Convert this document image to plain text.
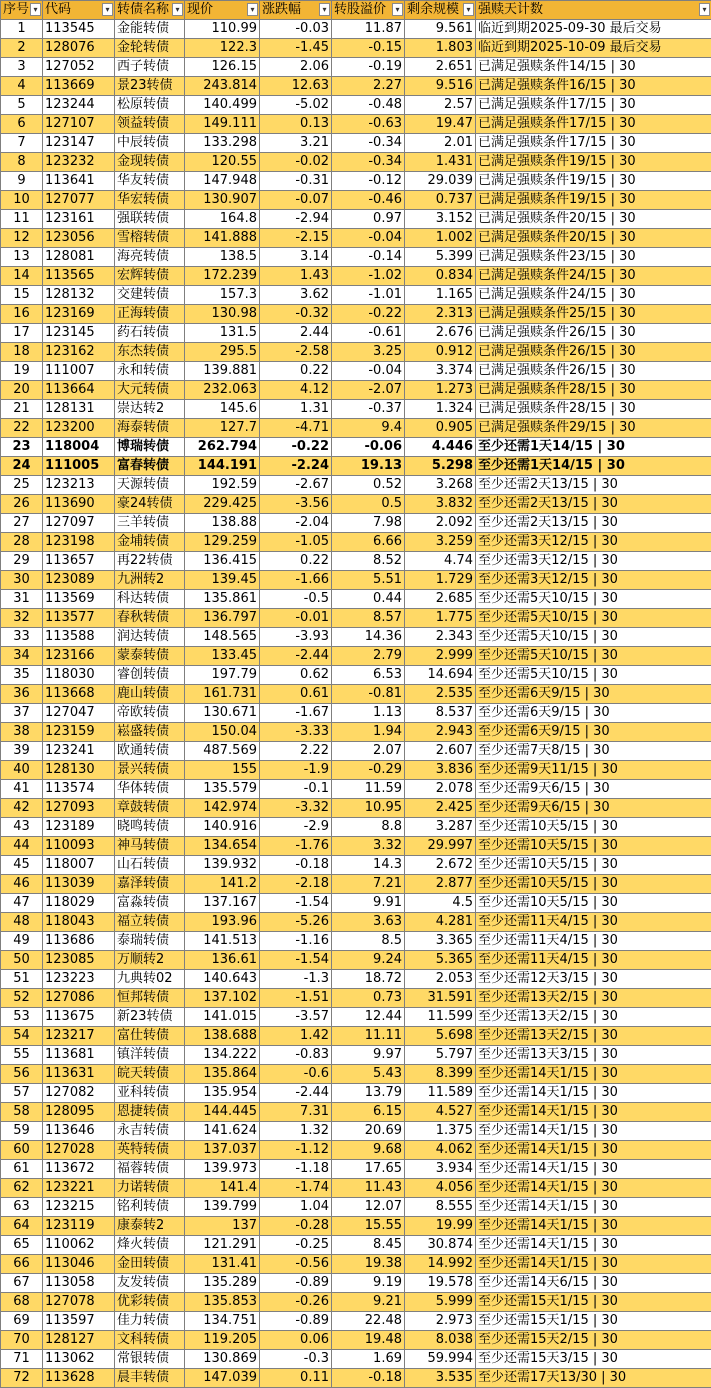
序号 ▾	代码 ▾	转债名称 ▾	现价 ▾	涨跌幅 ▾	转股溢价 ▾	剩余规模 ▾	强赎天计数 ▾

1	113545	金能转债	110.99	-0.03	11.87	9.561	临近到期2025-09-30 最后交易
2	128076	金轮转债	122.3	-1.45	-0.15	1.803	临近到期2025-10-09 最后交易
3	127052	西子转债	126.15	2.06	-0.19	2.651	已满足强赎条件14/15 | 30
4	113669	景23转债	243.814	12.63	2.27	9.516	已满足强赎条件16/15 | 30
5	123244	松原转债	140.499	-5.02	-0.48	2.57	已满足强赎条件17/15 | 30
6	127107	领益转债	149.111	0.13	-0.63	19.47	已满足强赎条件17/15 | 30
7	123147	中辰转债	133.298	3.21	-0.34	2.01	已满足强赎条件17/15 | 30
8	123232	金现转债	120.55	-0.02	-0.34	1.431	已满足强赎条件19/15 | 30
9	113641	华友转债	147.948	-0.31	-0.12	29.039	已满足强赎条件19/15 | 30
10	127077	华宏转债	130.907	-0.07	-0.46	0.737	已满足强赎条件19/15 | 30
11	123161	强联转债	164.8	-2.94	0.97	3.152	已满足强赎条件20/15 | 30
12	123056	雪榕转债	141.888	-2.15	-0.04	1.002	已满足强赎条件20/15 | 30
13	128081	海亮转债	138.5	3.14	-0.14	5.399	已满足强赎条件23/15 | 30
14	113565	宏辉转债	172.239	1.43	-1.02	0.834	已满足强赎条件24/15 | 30
15	128132	交建转债	157.3	3.62	-1.01	1.165	已满足强赎条件24/15 | 30
16	123169	正海转债	130.98	-0.32	-0.22	2.313	已满足强赎条件25/15 | 30
17	123145	药石转债	131.5	2.44	-0.61	2.676	已满足强赎条件26/15 | 30
18	123162	东杰转债	295.5	-2.58	3.25	0.912	已满足强赎条件26/15 | 30
19	111007	永和转债	139.881	0.22	-0.04	3.374	已满足强赎条件26/15 | 30
20	113664	大元转债	232.063	4.12	-2.07	1.273	已满足强赎条件28/15 | 30
21	128131	崇达转2	145.6	1.31	-0.37	1.324	已满足强赎条件28/15 | 30
22	123200	海泰转债	127.7	-4.71	9.4	0.905	已满足强赎条件29/15 | 30
23	118004	博瑞转债	262.794	-0.22	-0.06	4.446	至少还需1天14/15 | 30
24	111005	富春转债	144.191	-2.24	19.13	5.298	至少还需1天14/15 | 30
25	123213	天源转债	192.59	-2.67	0.52	3.268	至少还需2天13/15 | 30
26	113690	豪24转债	229.425	-3.56	0.5	3.832	至少还需2天13/15 | 30
27	127097	三羊转债	138.88	-2.04	7.98	2.092	至少还需2天13/15 | 30
28	123198	金埔转债	129.259	-1.05	6.66	3.259	至少还需3天12/15 | 30
29	113657	再22转债	136.415	0.22	8.52	4.74	至少还需3天12/15 | 30
30	123089	九洲转2	139.45	-1.66	5.51	1.729	至少还需3天12/15 | 30
31	113569	科达转债	135.861	-0.5	0.44	2.685	至少还需5天10/15 | 30
32	113577	春秋转债	136.797	-0.01	8.57	1.775	至少还需5天10/15 | 30
33	113588	润达转债	148.565	-3.93	14.36	2.343	至少还需5天10/15 | 30
34	123166	蒙泰转债	133.45	-2.44	2.79	2.999	至少还需5天10/15 | 30
35	118030	睿创转债	197.79	0.62	6.53	14.694	至少还需5天10/15 | 30
36	113668	鹿山转债	161.731	0.61	-0.81	2.535	至少还需6天9/15 | 30
37	127047	帝欧转债	130.671	-1.67	1.13	8.537	至少还需6天9/15 | 30
38	123159	崧盛转债	150.04	-3.33	1.94	2.943	至少还需6天9/15 | 30
39	123241	欧通转债	487.569	2.22	2.07	2.607	至少还需7天8/15 | 30
40	128130	景兴转债	155	-1.9	-0.29	3.836	至少还需9天11/15 | 30
41	113574	华体转债	135.579	-0.1	11.59	2.078	至少还需9天6/15 | 30
42	127093	章鼓转债	142.974	-3.32	10.95	2.425	至少还需9天6/15 | 30
43	123189	晓鸣转债	140.916	-2.9	8.8	3.287	至少还需10天5/15 | 30
44	110093	神马转债	134.654	-1.76	3.32	29.997	至少还需10天5/15 | 30
45	118007	山石转债	139.932	-0.18	14.3	2.672	至少还需10天5/15 | 30
46	113039	嘉泽转债	141.2	-2.18	7.21	2.877	至少还需10天5/15 | 30
47	118029	富淼转债	137.167	-1.54	9.91	4.5	至少还需10天5/15 | 30
48	118043	福立转债	193.96	-5.26	3.63	4.281	至少还需11天4/15 | 30
49	113686	泰瑞转债	141.513	-1.16	8.5	3.365	至少还需11天4/15 | 30
50	123085	万顺转2	136.61	-1.54	9.24	5.365	至少还需11天4/15 | 30
51	123223	九典转02	140.643	-1.3	18.72	2.053	至少还需12天3/15 | 30
52	127086	恒邦转债	137.102	-1.51	0.73	31.591	至少还需13天2/15 | 30
53	113675	新23转债	141.015	-3.57	12.44	11.599	至少还需13天2/15 | 30
54	123217	富仕转债	138.688	1.42	11.11	5.698	至少还需13天2/15 | 30
55	113681	镇洋转债	134.222	-0.83	9.97	5.797	至少还需13天3/15 | 30
56	113631	皖天转债	135.864	-0.6	5.43	8.399	至少还需14天1/15 | 30
57	127082	亚科转债	135.954	-2.44	13.79	11.589	至少还需14天1/15 | 30
58	128095	恩捷转债	144.445	7.31	6.15	4.527	至少还需14天1/15 | 30
59	113646	永吉转债	141.624	1.32	20.69	1.375	至少还需14天1/15 | 30
60	127028	英特转债	137.037	-1.12	9.68	4.062	至少还需14天1/15 | 30
61	113672	福蓉转债	139.973	-1.18	17.65	3.934	至少还需14天1/15 | 30
62	123221	力诺转债	141.4	-1.74	11.43	4.056	至少还需14天1/15 | 30
63	123215	铭利转债	139.799	1.04	12.07	8.555	至少还需14天1/15 | 30
64	123119	康泰转2	137	-0.28	15.55	19.99	至少还需14天1/15 | 30
65	110062	烽火转债	121.291	-0.25	8.45	30.874	至少还需14天1/15 | 30
66	113046	金田转债	131.41	-0.56	19.38	14.992	至少还需14天1/15 | 30
67	113058	友发转债	135.289	-0.89	9.19	19.578	至少还需14天6/15 | 30
68	127078	优彩转债	135.853	-0.26	9.21	5.999	至少还需15天1/15 | 30
69	113597	佳力转债	134.751	-0.89	22.48	2.973	至少还需15天1/15 | 30
70	128127	文科转债	119.205	0.06	19.48	8.038	至少还需15天2/15 | 30
71	113062	常银转债	130.869	-0.3	1.69	59.994	至少还需15天3/15 | 30
72	113628	晨丰转债	147.039	0.11	-0.18	3.535	至少还需17天13/30 | 30
